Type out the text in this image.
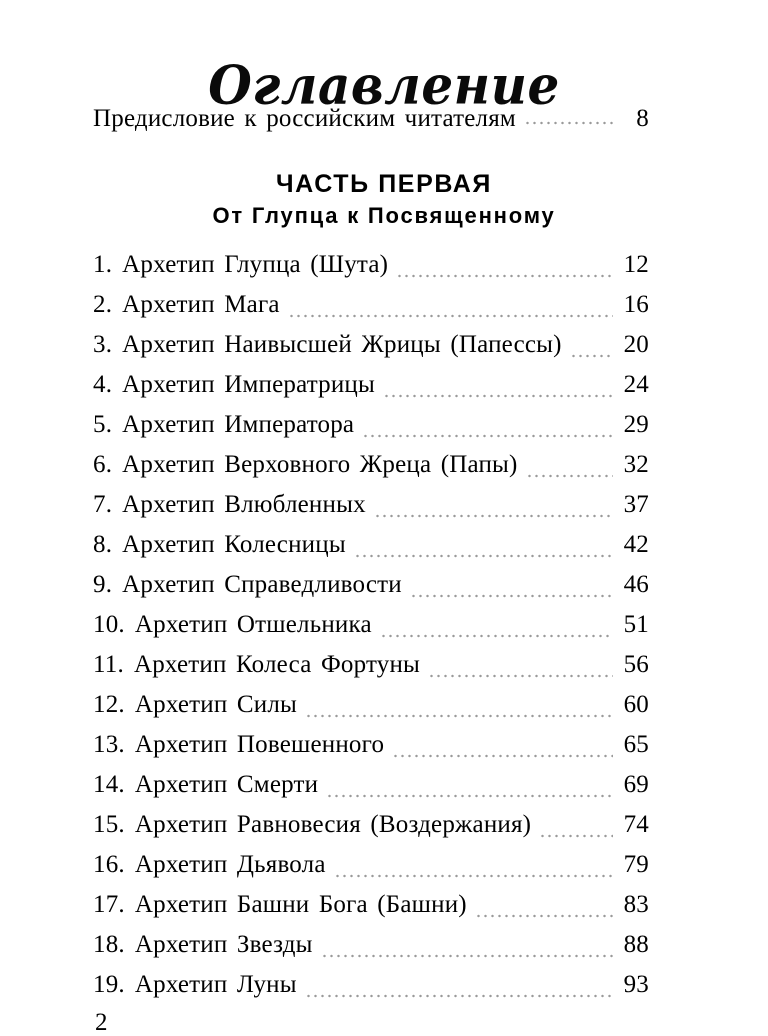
Оглавление
Предисловие к российским читателям	8
ЧАСТЬ ПЕРВАЯ
От Глупца к Посвященному
1. Архетип Глупца (Шута)	12
2. Архетип Мага	16
3. Архетип Наивысшей Жрицы (Папессы)	20
4. Архетип Императрицы	24
5. Архетип Императора	29
6. Архетип Верховного Жреца (Папы)	32
7. Архетип Влюбленных	37
8. Архетип Колесницы	42
9. Архетип Справедливости	46
10. Архетип Отшельника	51
11. Архетип Колеса Фортуны	56
12. Архетип Силы	60
13. Архетип Повешенного	65
14. Архетип Смерти	69
15. Архетип Равновесия (Воздержания)	74
16. Архетип Дьявола	79
17. Архетип Башни Бога (Башни)	83
18. Архетип Звезды	88
19. Архетип Луны	93
2
